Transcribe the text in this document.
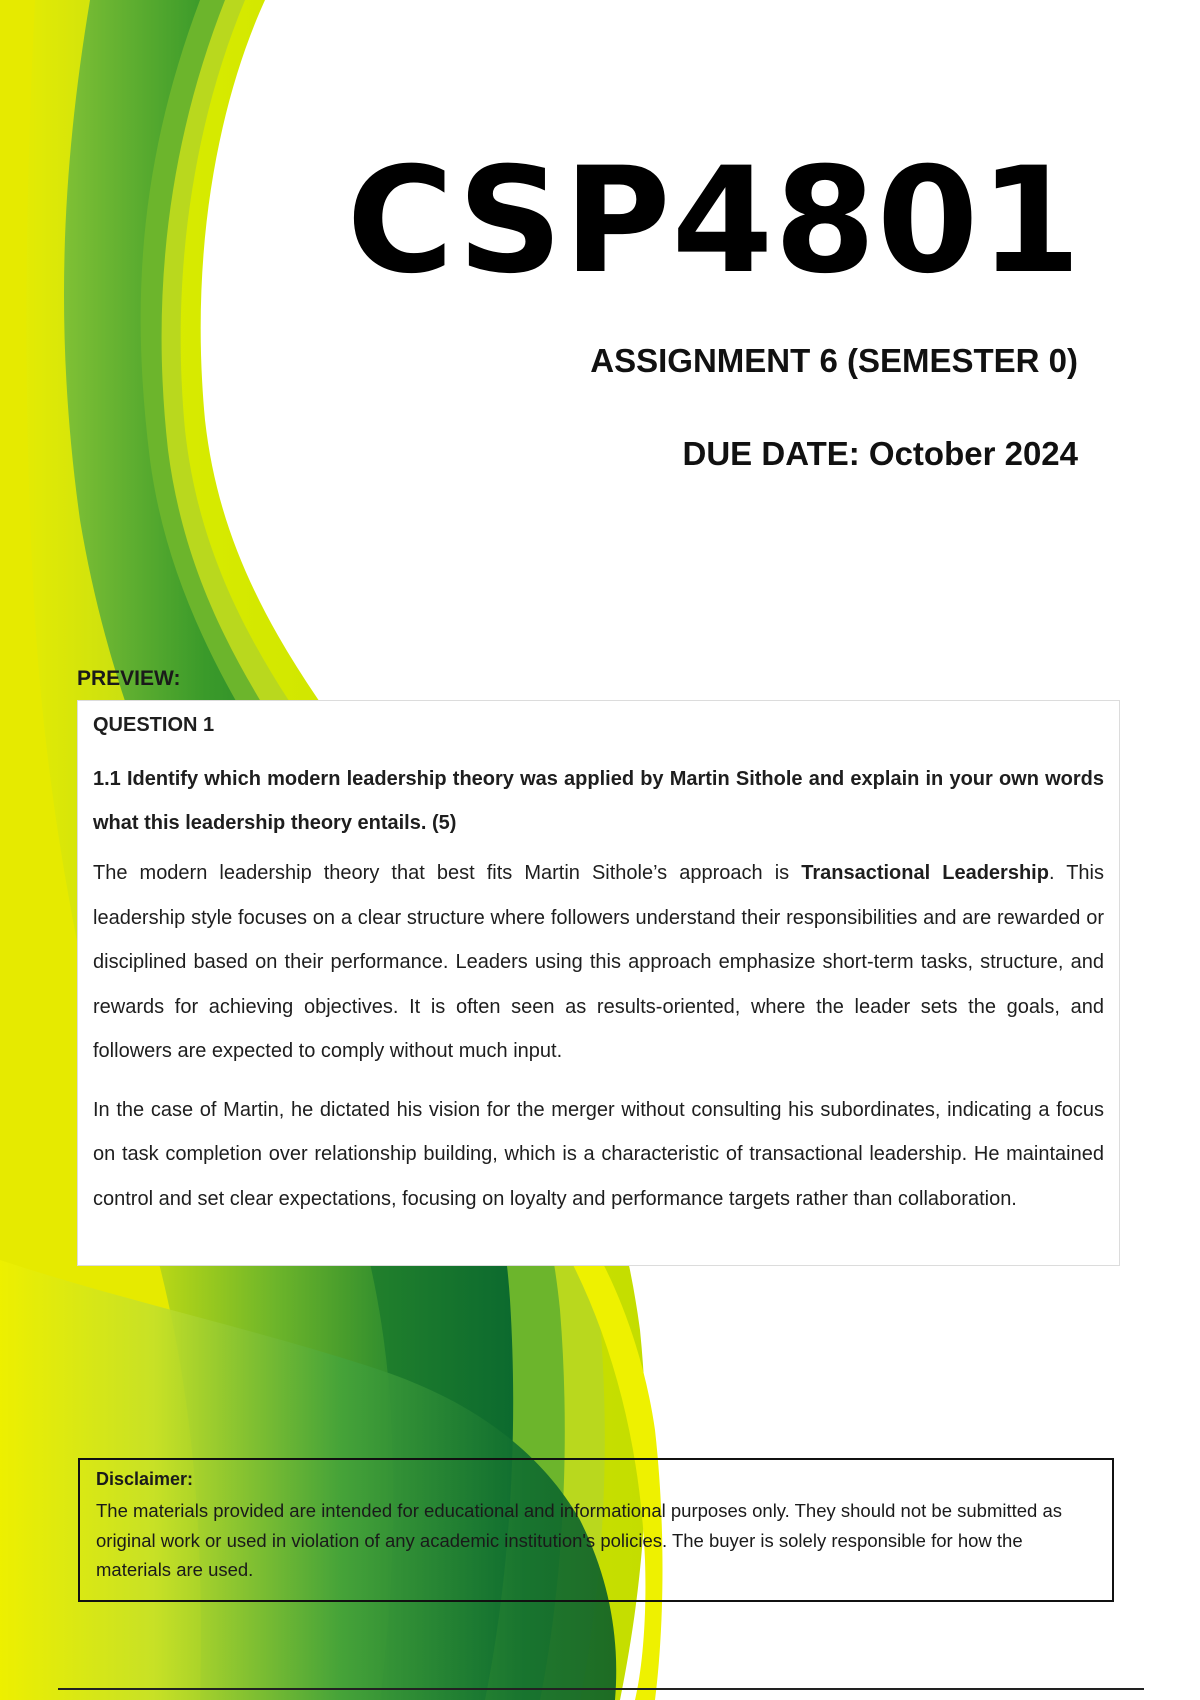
CSP4801
ASSIGNMENT 6 (SEMESTER 0)
DUE DATE: October 2024
PREVIEW:
QUESTION 1
1.1 Identify which modern leadership theory was applied by Martin Sithole and explain in your own words what this leadership theory entails. (5)

The modern leadership theory that best fits Martin Sithole’s approach is Transactional Leadership. This leadership style focuses on a clear structure where followers understand their responsibilities and are rewarded or disciplined based on their performance. Leaders using this approach emphasize short-term tasks, structure, and rewards for achieving objectives. It is often seen as results-oriented, where the leader sets the goals, and followers are expected to comply without much input.

In the case of Martin, he dictated his vision for the merger without consulting his subordinates, indicating a focus on task completion over relationship building, which is a characteristic of transactional leadership. He maintained control and set clear expectations, focusing on loyalty and performance targets rather than collaboration.

Disclaimer:

The materials provided are intended for educational and informational purposes only. They should not be submitted as original work or used in violation of any academic institution's policies. The buyer is solely responsible for how the materials are used.
